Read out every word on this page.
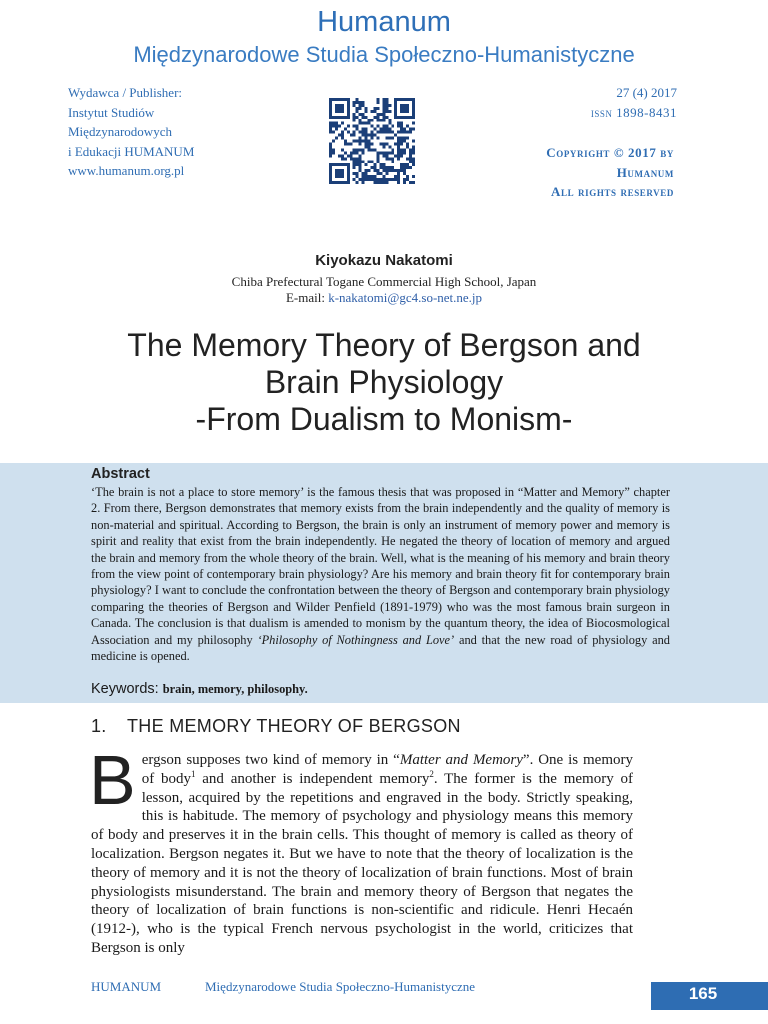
Humanum
Międzynarodowe Studia Społeczno-Humanistyczne
Wydawca / Publisher:
Instytut Studiów
Międzynarodowych
i Edukacji HUMANUM
www.humanum.org.pl
27 (4) 2017
issn 1898-8431
Copyright © 2017 by
Humanum
All rights reserved
Kiyokazu Nakatomi
Chiba Prefectural Togane Commercial High School, Japan
E-mail: k-nakatomi@gc4.so-net.ne.jp
The Memory Theory of Bergson and
Brain Physiology
-From Dualism to Monism-
Abstract
‘The brain is not a place to store memory’ is the famous thesis that was proposed in “Matter and Memory” chapter 2. From there, Bergson demonstrates that memory exists from the brain independently and the quality of memory is non-material and spiritual. According to Bergson, the brain is only an instrument of memory power and memory is spirit and reality that exist from the brain independently. He negated the theory of location of memory and argued the brain and memory from the whole theory of the brain. Well, what is the meaning of his memory and brain theory from the view point of contemporary brain physiology? Are his memory and brain theory fit for contemporary brain physiology? I want to conclude the confrontation between the theory of Bergson and contemporary brain physiology comparing the theories of Bergson and Wilder Penfield (1891-1979) who was the most famous brain surgeon in Canada. The conclusion is that dualism is amended to monism by the quantum theory, the idea of Biocosmological Association and my philosophy ‘Philosophy of Nothingness and Love’ and that the new road of physiology and medicine is opened.
Keywords: brain, memory, philosophy.
1. THE MEMORY THEORY OF BERGSON
Bergson supposes two kind of memory in “Matter and Memory”. One is memory of body$^1$ and another is independent memory$^2$. The former is the memory of lesson, acquired by the repetitions and engraved in the body. Strictly speaking, this is habitude. The memory of psychology and physiology means this memory of body and preserves it in the brain cells. This thought of memory is called as theory of localization. Bergson negates it. But we have to note that the theory of localization is the theory of memory and it is not the theory of localization of brain functions. Most of brain physiologists misunderstand. The brain and memory theory of Bergson that negates the theory of localization of brain functions is non-scientific and ridicule. Henri Hecaén (1912-), who is the typical French nervous psychologist in the world, criticizes that Bergson is only
HUMANUM	Międzynarodowe Studia Społeczno-Humanistyczne	165
